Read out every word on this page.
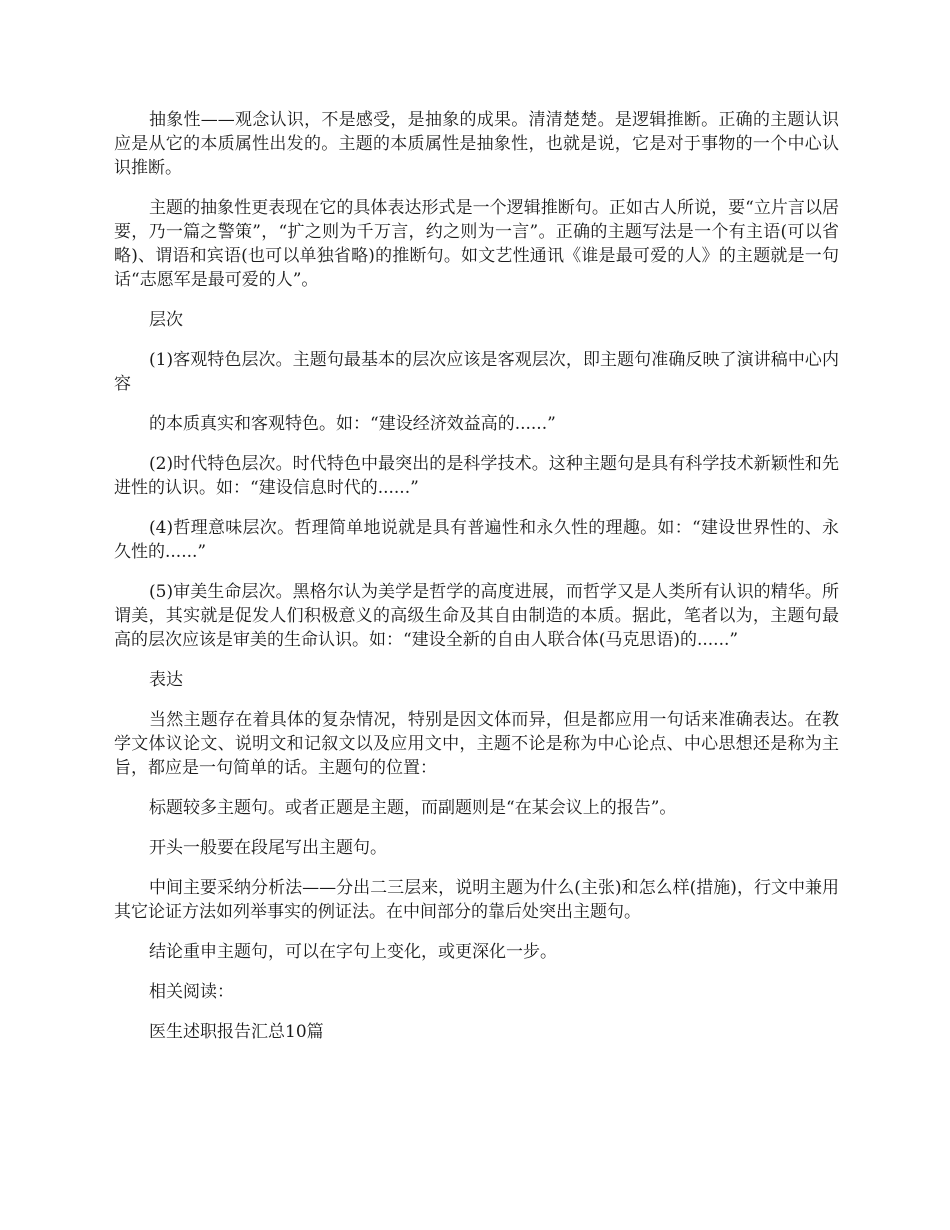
抽象性——观念认识，不是感受，是抽象的成果。清清楚楚。是逻辑推断。正确的主题认识应是从它的本质属性出发的。主题的本质属性是抽象性，也就是说，它是对于事物的一个中心认识推断。

主题的抽象性更表现在它的具体表达形式是一个逻辑推断句。正如古人所说，要“立片言以居要，乃一篇之警策”，“扩之则为千万言，约之则为一言”。正确的主题写法是一个有主语(可以省略)、谓语和宾语(也可以单独省略)的推断句。如文艺性通讯《谁是最可爱的人》的主题就是一句话“志愿军是最可爱的人”。

层次

(1)客观特色层次。主题句最基本的层次应该是客观层次，即主题句准确反映了演讲稿中心内容

的本质真实和客观特色。如：“建设经济效益高的......”

(2)时代特色层次。时代特色中最突出的是科学技术。这种主题句是具有科学技术新颖性和先进性的认识。如：“建设信息时代的......”

(4)哲理意味层次。哲理简单地说就是具有普遍性和永久性的理趣。如：“建设世界性的、永久性的......”

(5)审美生命层次。黑格尔认为美学是哲学的高度进展，而哲学又是人类所有认识的精华。所谓美，其实就是促发人们积极意义的高级生命及其自由制造的本质。据此，笔者以为，主题句最高的层次应该是审美的生命认识。如：“建设全新的自由人联合体(马克思语)的......”

表达

当然主题存在着具体的复杂情况，特别是因文体而异，但是都应用一句话来准确表达。在教学文体议论文、说明文和记叙文以及应用文中，主题不论是称为中心论点、中心思想还是称为主旨，都应是一句简单的话。主题句的位置：

标题较多主题句。或者正题是主题，而副题则是“在某会议上的报告”。

开头一般要在段尾写出主题句。

中间主要采纳分析法——分出二三层来，说明主题为什么(主张)和怎么样(措施)，行文中兼用其它论证方法如列举事实的例证法。在中间部分的靠后处突出主题句。

结论重申主题句，可以在字句上变化，或更深化一步。

相关阅读：

医生述职报告汇总10篇
